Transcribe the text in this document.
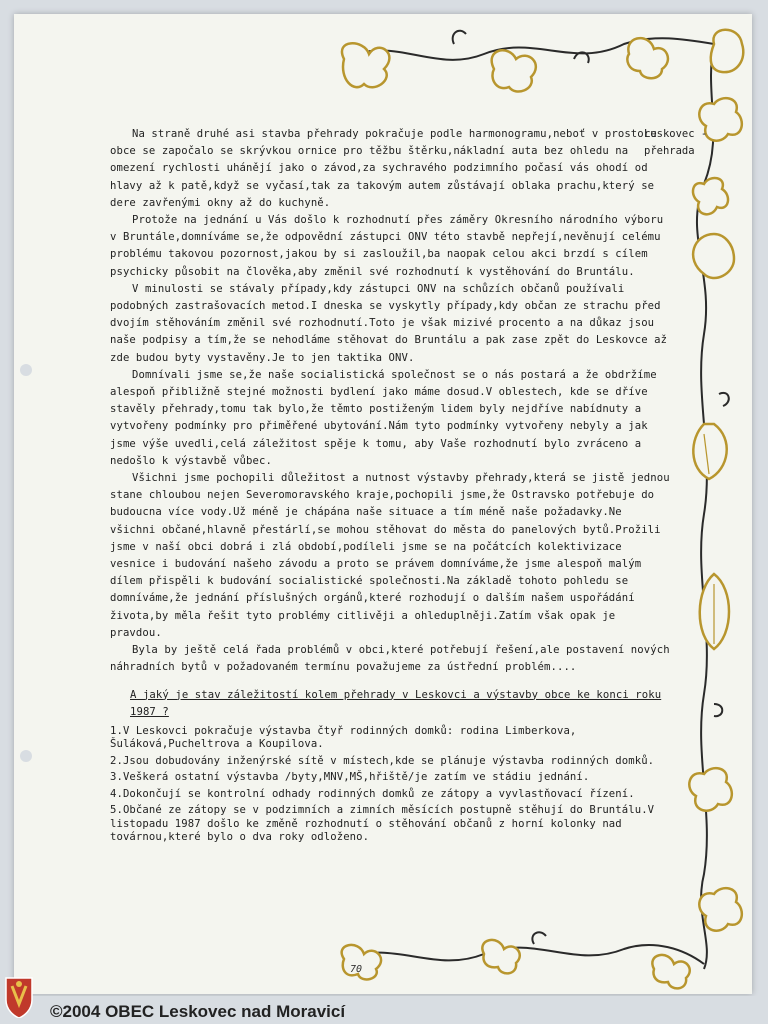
Leskovec -
přehrada

Na straně druhé asi stavba přehrady pokračuje podle harmonogramu,neboť v prostoru obce se započalo se skrývkou ornice pro těžbu štěrku,nákladní auta bez ohledu na omezení rychlosti uhánějí jako o závod,za sychravého podzimního počasí vás ohodí od hlavy až k patě,když se vyčasí,tak za takovým autem zůstávají oblaka prachu,který se dere zavřenými okny až do kuchyně.

Protože na jednání u Vás došlo k rozhodnutí přes záměry Okresního národního výboru v Bruntále,domníváme se,že odpovědní zástupci ONV této stavbě nepřejí,nevěnují celému problému takovou pozornost,jakou by si zasloužil,ba naopak celou akci brzdí s cílem psychicky působit na člověka,aby změnil své rozhodnutí k vystěhování do Bruntálu.

V minulosti se stávaly případy,kdy zástupci ONV na schůzích občanů používali podobných zastrašovacích metod.I dneska se vyskytly případy,kdy občan ze strachu před dvojím stěhováním změnil své rozhodnutí.Toto je však mizivé procento a na důkaz jsou naše podpisy a tím,že se nehodláme stěhovat do Bruntálu a pak zase zpět do Leskovce až zde budou byty vystavěny.Je to jen taktika ONV.

Domnívali jsme se,že naše socialistická společnost se o nás postará a že obdržíme alespoň přibližně stejné možnosti bydlení jako máme dosud.V oblestech, kde se dříve stavěly přehrady,tomu tak bylo,že těmto postiženým lidem byly nejdříve nabídnuty a vytvořeny podmínky pro přiměřené ubytování.Nám tyto podmínky vytvořeny nebyly a jak jsme výše uvedli,celá záležitost spěje k tomu, aby Vaše rozhodnutí bylo zvráceno a nedošlo k výstavbě vůbec.

Všichni jsme pochopili důležitost a nutnost výstavby přehrady,která se jistě jednou stane chloubou nejen Severomoravského kraje,pochopili jsme,že Ostravsko potřebuje do budoucna více vody.Už méně je chápána naše situace a tím méně naše požadavky.Ne všichni občané,hlavně přestárlí,se mohou stěhovat do města do panelových bytů.Prožili jsme v naší obci dobrá i zlá období,podíleli jsme se na počátcích kolektivizace vesnice i budování našeho závodu a proto se právem domníváme,že jsme alespoň malým dílem přispěli k budování socialistické společnosti.Na základě tohoto pohledu se domníváme,že jednání příslušných orgánů,které rozhodují o dalším našem uspořádání života,by měla řešit tyto problémy citlivěji a ohleduplněji.Zatím však opak je pravdou.

Byla by ještě celá řada problémů v obci,které potřebují řešení,ale postavení nových náhradních bytů v požadovaném termínu považujeme za ústřední problém....

A jaký je stav záležitostí kolem přehrady v Leskovci a výstavby obce ke konci roku 1987 ?

1.V Leskovci pokračuje výstavba čtyř rodinných domků: rodina Limberkova, Šuláková,Pucheltrova a Koupilova.
2.Jsou dobudovány inženýrské sítě v místech,kde se plánuje výstavba rodinných domků.
3.Veškerá ostatní výstavba /byty,MNV,MŠ,hřiště/je zatím ve stádiu jednání.
4.Dokončují se kontrolní odhady rodinných domků ze zátopy a vyvlastňovací řízení.
5.Občané ze zátopy se v podzimních a zimních měsících postupně stěhují do Bruntálu.V listopadu 1987 došlo ke změně rozhodnutí o stěhování občanů z horní kolonky nad továrnou,které bylo o dva roky odloženo.
70
©2004 OBEC Leskovec nad Moravicí
